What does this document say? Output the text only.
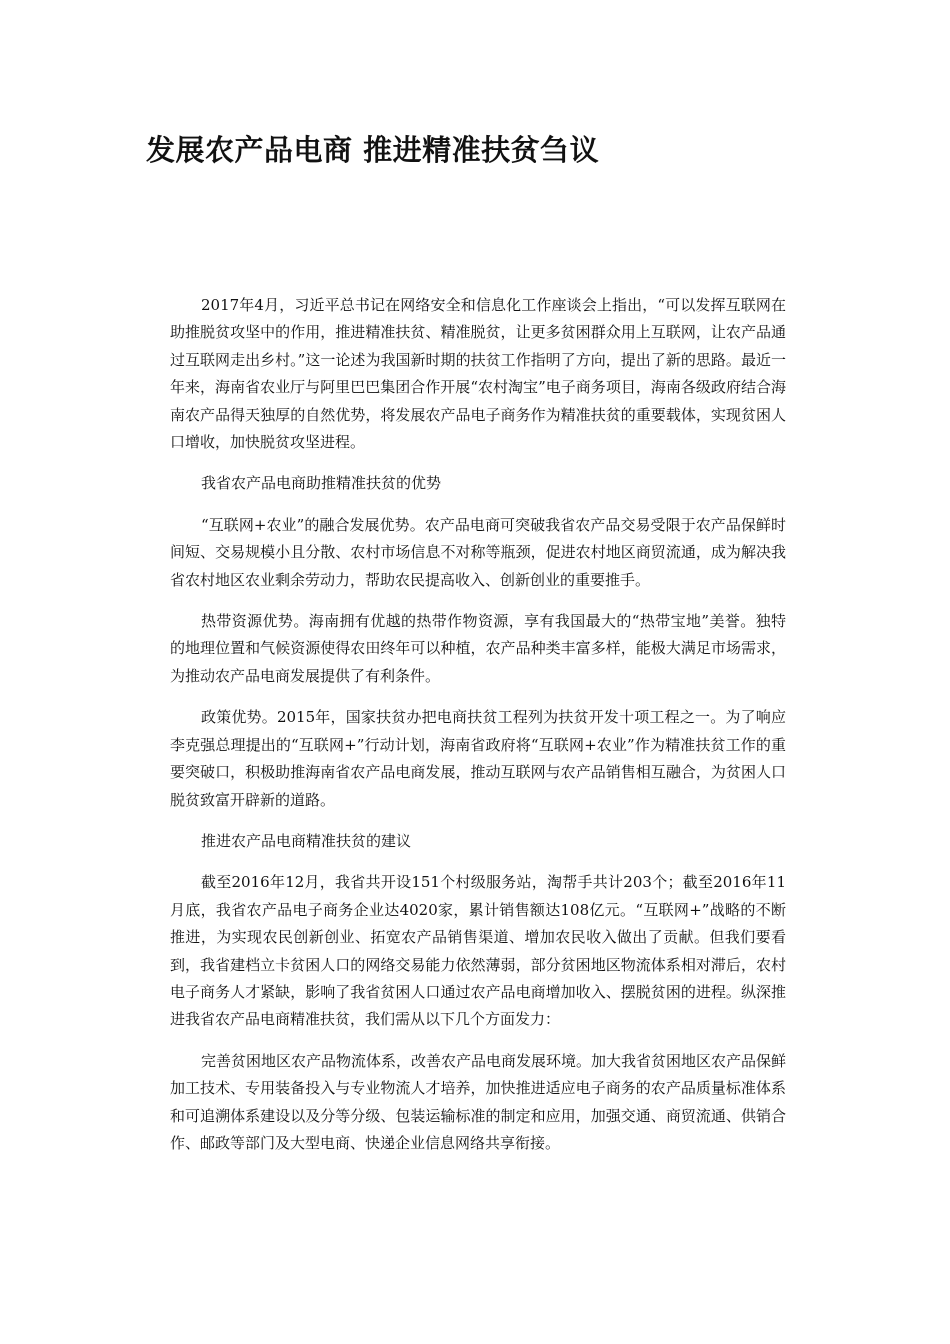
发展农产品电商 推进精准扶贫刍议

2017年4月，习近平总书记在网络安全和信息化工作座谈会上指出，“可以发挥互联网在助推脱贫攻坚中的作用，推进精准扶贫、精准脱贫，让更多贫困群众用上互联网，让农产品通过互联网走出乡村。”这一论述为我国新时期的扶贫工作指明了方向，提出了新的思路。最近一年来，海南省农业厅与阿里巴巴集团合作开展“农村淘宝”电子商务项目，海南各级政府结合海南农产品得天独厚的自然优势，将发展农产品电子商务作为精准扶贫的重要载体，实现贫困人口增收，加快脱贫攻坚进程。

我省农产品电商助推精准扶贫的优势

“互联网+农业”的融合发展优势。农产品电商可突破我省农产品交易受限于农产品保鲜时间短、交易规模小且分散、农村市场信息不对称等瓶颈，促进农村地区商贸流通，成为解决我省农村地区农业剩余劳动力，帮助农民提高收入、创新创业的重要推手。

热带资源优势。海南拥有优越的热带作物资源，享有我国最大的“热带宝地”美誉。独特的地理位置和气候资源使得农田终年可以种植，农产品种类丰富多样，能极大满足市场需求，为推动农产品电商发展提供了有利条件。

政策优势。2015年，国家扶贫办把电商扶贫工程列为扶贫开发十项工程之一。为了响应李克强总理提出的“互联网+”行动计划，海南省政府将“互联网+农业”作为精准扶贫工作的重要突破口，积极助推海南省农产品电商发展，推动互联网与农产品销售相互融合，为贫困人口脱贫致富开辟新的道路。

推进农产品电商精准扶贫的建议

截至2016年12月，我省共开设151个村级服务站，淘帮手共计203个；截至2016年11月底，我省农产品电子商务企业达4020家，累计销售额达108亿元。“互联网+”战略的不断推进，为实现农民创新创业、拓宽农产品销售渠道、增加农民收入做出了贡献。但我们要看到，我省建档立卡贫困人口的网络交易能力依然薄弱，部分贫困地区物流体系相对滞后，农村电子商务人才紧缺，影响了我省贫困人口通过农产品电商增加收入、摆脱贫困的进程。纵深推进我省农产品电商精准扶贫，我们需从以下几个方面发力：

完善贫困地区农产品物流体系，改善农产品电商发展环境。加大我省贫困地区农产品保鲜加工技术、专用装备投入与专业物流人才培养，加快推进适应电子商务的农产品质量标准体系和可追溯体系建设以及分等分级、包装运输标准的制定和应用，加强交通、商贸流通、供销合作、邮政等部门及大型电商、快递企业信息网络共享衔接。
